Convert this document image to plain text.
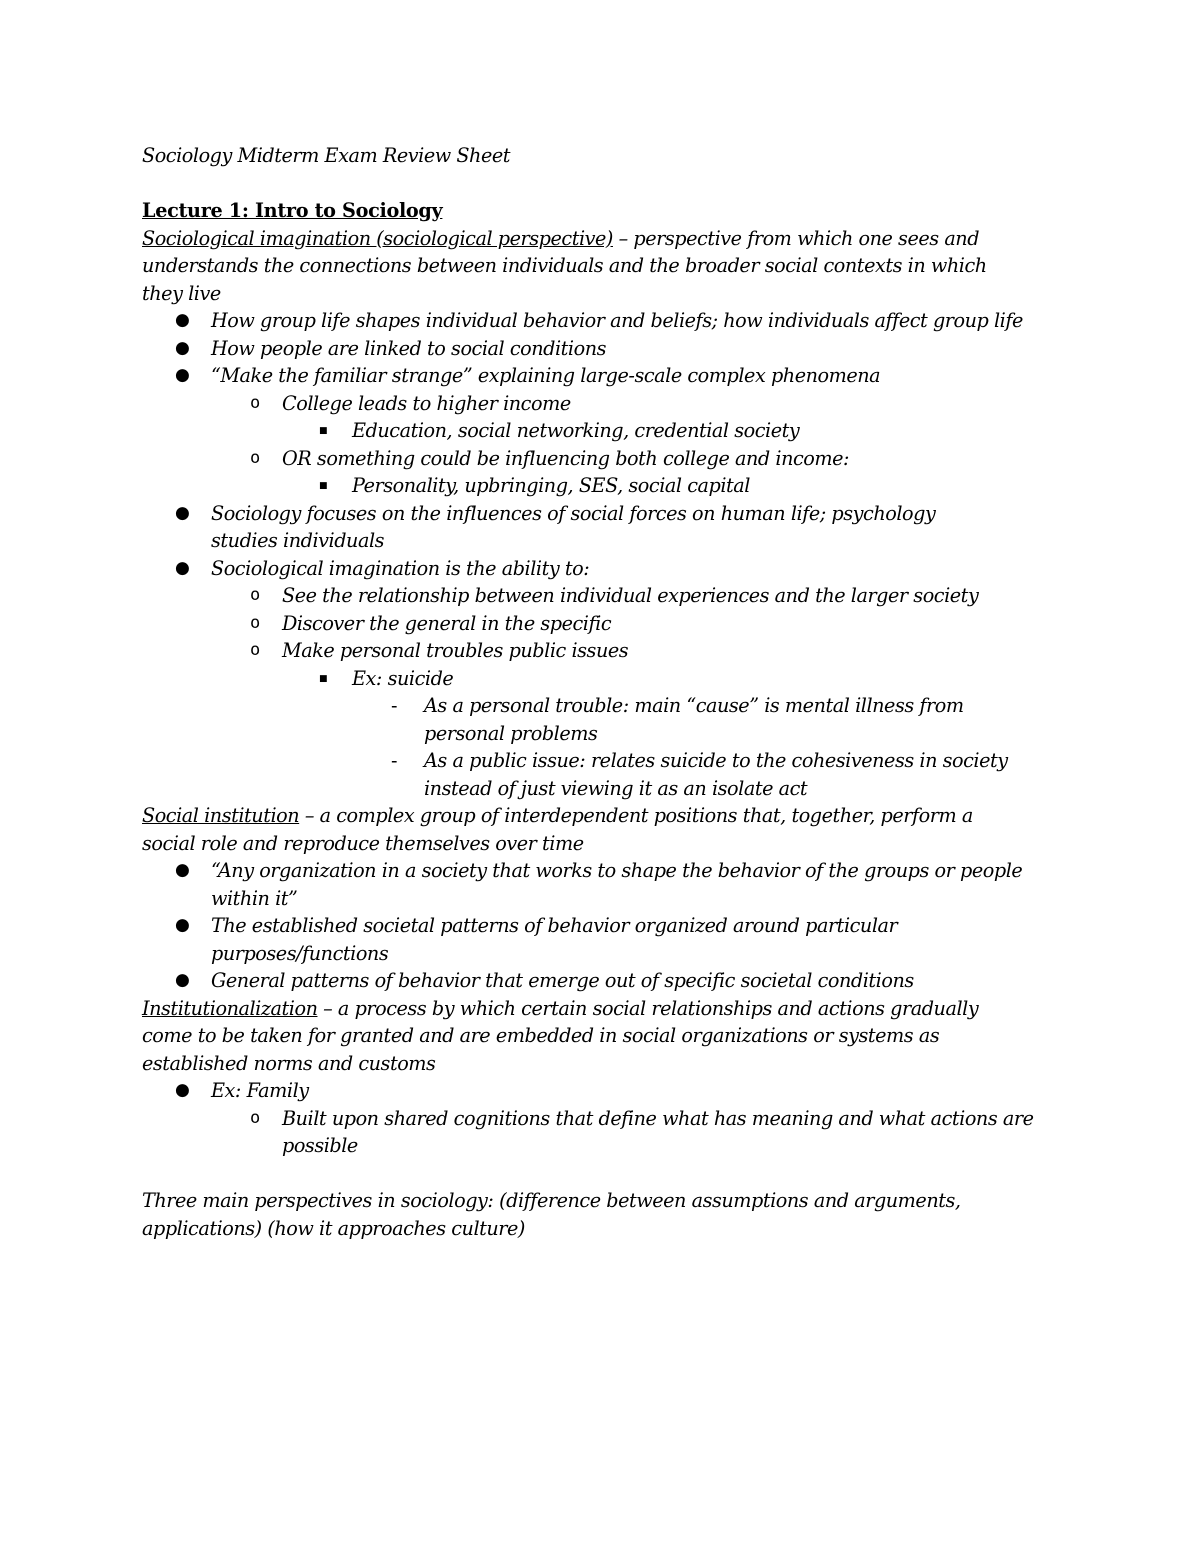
Sociology Midterm Exam Review Sheet
Lecture 1: Intro to Sociology
Sociological imagination (sociological perspective) – perspective from which one sees and
understands the connections between individuals and the broader social contexts in which
they live
● How group life shapes individual behavior and beliefs; how individuals affect group life
● How people are linked to social conditions
● “Make the familiar strange” explaining large-scale complex phenomena
o College leads to higher income
■ Education, social networking, credential society
o OR something could be influencing both college and income:
■ Personality, upbringing, SES, social capital
● Sociology focuses on the influences of social forces on human life; psychology studies individuals
● Sociological imagination is the ability to:
o See the relationship between individual experiences and the larger society
o Discover the general in the specific
o Make personal troubles public issues
■ Ex: suicide
- As a personal trouble: main “cause” is mental illness from personal problems
- As a public issue: relates suicide to the cohesiveness in society instead of just viewing it as an isolate act
Social institution – a complex group of interdependent positions that, together, perform a
social role and reproduce themselves over time
● “Any organization in a society that works to shape the behavior of the groups or people within it”
● The established societal patterns of behavior organized around particular purposes/functions
● General patterns of behavior that emerge out of specific societal conditions
Institutionalization – a process by which certain social relationships and actions gradually
come to be taken for granted and are embedded in social organizations or systems as
established norms and customs
● Ex: Family
o Built upon shared cognitions that define what has meaning and what actions are possible
Three main perspectives in sociology: (difference between assumptions and arguments,
applications) (how it approaches culture)
